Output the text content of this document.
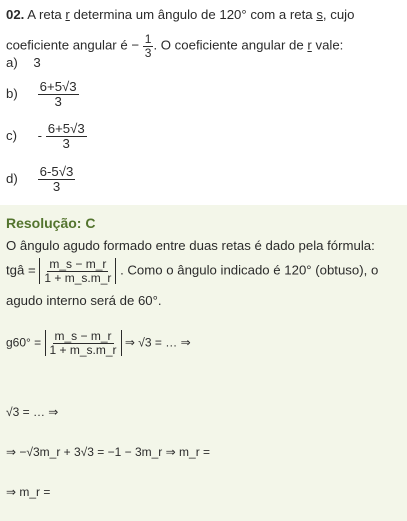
02. A reta r determina um ângulo de 120° com a reta s, cujo
coeficiente angular é − $\frac{1}{3}$ . O coeficiente angular de r vale:
a) 3
$b) \frac{6+5√3}{3}$
$c) - \frac{6+5√3}{3}$
$d) \frac{6-5√3}{3}$
Resolução: C
O ângulo agudo formado entre duas retas é dado pela fórmula:
tgâ = $\frac{m\_s - m\_r}{1 + m\_s.m\_r}$ . Como o ângulo indicado é 120° (obtuso), o
agudo interno será de 60°.
$g60^\circ = \frac{m\_s - m\_r}{1 + m\_s.m\_r}$ ⇒ √3 = … ⇒
√3 = … ⇒
⇒ −√3m_r + 3√3 = −1 − 3m_r ⇒ m_r =
⇒ m_r =
